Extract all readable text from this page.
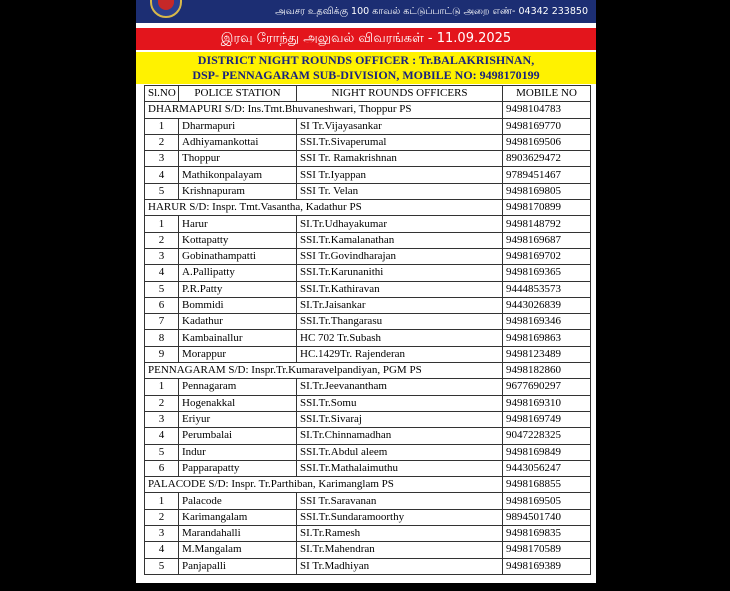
அவசர உதவிக்கு 100 காவல் கட்டுப்பாட்டு அறை எண்- 04342 233850
இரவு ரோந்து அலுவல் விவரங்கள் - 11.09.2025
DISTRICT NIGHT ROUNDS OFFICER : Tr.BALAKRISHNAN,
DSP- PENNAGARAM SUB-DIVISION, MOBILE NO: 9498170199
Sl.NO	POLICE STATION	NIGHT ROUNDS OFFICERS	MOBILE NO
DHARMAPURI S/D: Ins.Tmt.Bhuvaneshwari, Thoppur PS			9498104783
1	Dharmapuri	SI Tr.Vijayasankar	9498169770
2	Adhiyamankottai	SSI.Tr.Sivaperumal	9498169506
3	Thoppur	SSI Tr. Ramakrishnan	8903629472
4	Mathikonpalayam	SSI Tr.Iyappan	9789451467
5	Krishnapuram	SSI Tr. Velan	9498169805
HARUR S/D: Inspr. Tmt.Vasantha, Kadathur PS			9498170899
1	Harur	SI.Tr.Udhayakumar	9498148792
2	Kottapatty	SSI.Tr.Kamalanathan	9498169687
3	Gobinathampatti	SSI Tr.Govindharajan	9498169702
4	A.Pallipatty	SSI.Tr.Karunanithi	9498169365
5	P.R.Patty	SSI.Tr.Kathiravan	9444853573
6	Bommidi	SI.Tr.Jaisankar	9443026839
7	Kadathur	SSI.Tr.Thangarasu	9498169346
8	Kambainallur	HC 702 Tr.Subash	9498169863
9	Morappur	HC.1429Tr. Rajenderan	9498123489
PENNAGARAM S/D: Inspr.Tr.Kumaravelpandiyan, PGM PS			9498182860
1	Pennagaram	SI.Tr.Jeevanantham	9677690297
2	Hogenakkal	SSI.Tr.Somu	9498169310
3	Eriyur	SSI.Tr.Sivaraj	9498169749
4	Perumbalai	SI.Tr.Chinnamadhan	9047228325
5	Indur	SSI.Tr.Abdul aleem	9498169849
6	Papparapatty	SSI.Tr.Mathalaimuthu	9443056247
PALACODE S/D: Inspr. Tr.Parthiban, Karimanglam PS			9498168855
1	Palacode	SSI Tr.Saravanan	9498169505
2	Karimangalam	SSI.Tr.Sundaramoorthy	9894501740
3	Marandahalli	SI.Tr.Ramesh	9498169835
4	M.Mangalam	SI.Tr.Mahendran	9498170589
5	Panjapalli	SI Tr.Madhiyan	9498169389
